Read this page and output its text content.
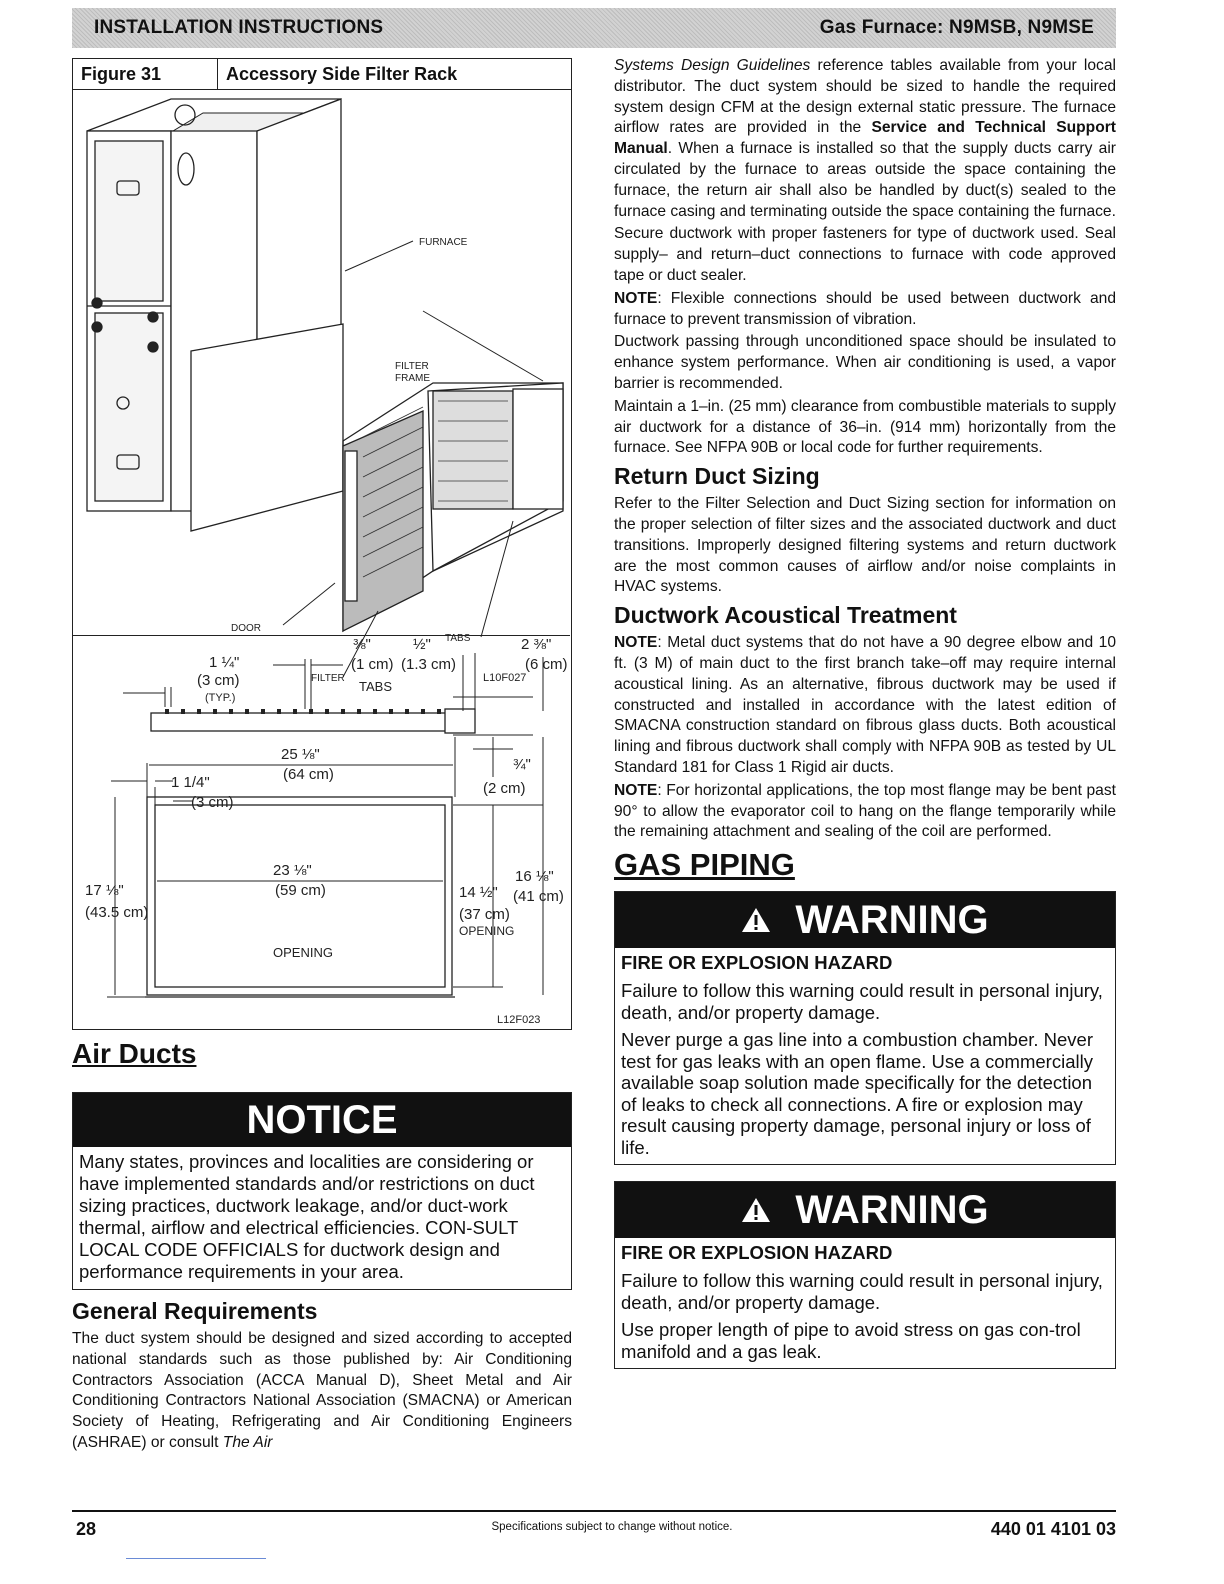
INSTALLATION INSTRUCTIONS	Gas Furnace: N9MSB, N9MSE
Figure 31	Accessory Side Filter Rack
FURNACE
FILTER
FRAME
DOOR
TABS
FILTER	L10F027
1 ¼"
(3 cm)
(TYP.)
⅜"
(1 cm)
½"
(1.3 cm)
TABS
2 ⅜"
(6 cm)
25 ⅛"
(64 cm)
1 1/4"
(3 cm)
¾"
(2 cm)
16 ⅛"
(41 cm)
23 ⅛"
(59 cm)
17 ⅛"
(43.5 cm)
14 ½"
(37 cm)
OPENING
OPENING
L12F023
Air Ducts
NOTICE

Many states, provinces and localities are considering or have implemented standards and/or restrictions on duct sizing practices, ductwork leakage, and/or duct-work thermal, airflow and electrical efficiencies. CON-SULT LOCAL CODE OFFICIALS for ductwork design and performance requirements in your area.

General Requirements

The duct system should be designed and sized according to accepted national standards such as those published by: Air Conditioning Contractors Association (ACCA Manual D), Sheet Metal and Air Conditioning Contractors National Association (SMACNA) or American Society of Heating, Refrigerating and Air Conditioning Engineers (ASHRAE) or consult The Air

Systems Design Guidelines reference tables available from your local distributor. The duct system should be sized to handle the required system design CFM at the design external static pressure. The furnace airflow rates are provided in the Service and Technical Support Manual. When a furnace is installed so that the supply ducts carry air circulated by the furnace to areas outside the space containing the furnace, the return air shall also be handled by duct(s) sealed to the furnace casing and terminating outside the space containing the furnace.

Secure ductwork with proper fasteners for type of ductwork used. Seal supply– and return–duct connections to furnace with code approved tape or duct sealer.

NOTE: Flexible connections should be used between ductwork and furnace to prevent transmission of vibration.

Ductwork passing through unconditioned space should be insulated to enhance system performance. When air conditioning is used, a vapor barrier is recommended.

Maintain a 1–in. (25 mm) clearance from combustible materials to supply air ductwork for a distance of 36–in. (914 mm) horizontally from the furnace. See NFPA 90B or local code for further requirements.

Return Duct Sizing

Refer to the Filter Selection and Duct Sizing section for information on the proper selection of filter sizes and the associated ductwork and duct transitions. Improperly designed filtering systems and return ductwork are the most common causes of airflow and/or noise complaints in HVAC systems.

Ductwork Acoustical Treatment

NOTE: Metal duct systems that do not have a 90 degree elbow and 10 ft. (3 M) of main duct to the first branch take–off may require internal acoustical lining. As an alternative, fibrous ductwork may be used if constructed and installed in accordance with the latest edition of SMACNA construction standard on fibrous glass ducts. Both acoustical lining and fibrous ductwork shall comply with NFPA 90B as tested by UL Standard 181 for Class 1 Rigid air ducts.

NOTE: For horizontal applications, the top most flange may be bent past 90° to allow the evaporator coil to hang on the flange temporarily while the remaining attachment and sealing of the coil are performed.

GAS PIPING
WARNING
FIRE OR EXPLOSION HAZARD

Failure to follow this warning could result in personal injury, death, and/or property damage.

Never purge a gas line into a combustion chamber. Never test for gas leaks with an open flame. Use a commercially available soap solution made specifically for the detection of leaks to check all connections. A fire or explosion may result causing property damage, personal injury or loss of life.

WARNING
FIRE OR EXPLOSION HAZARD

Failure to follow this warning could result in personal injury, death, and/or property damage.

Use proper length of pipe to avoid stress on gas con-trol manifold and a gas leak.

28	Specifications subject to change without notice.	440 01 4101 03
